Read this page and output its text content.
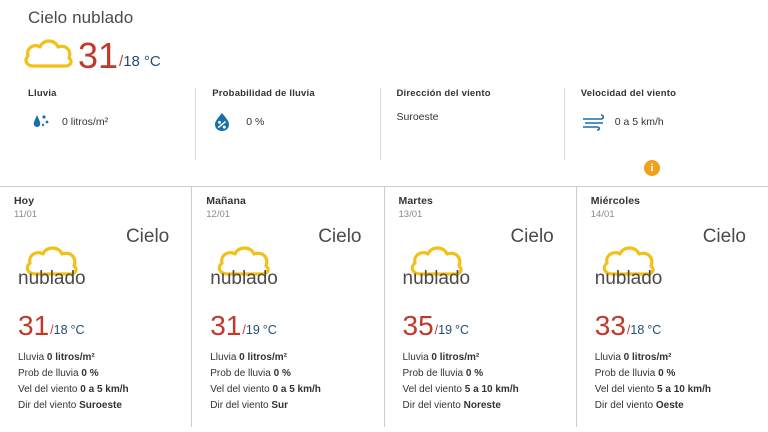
Cielo nublado
31 / 18 °C
Lluvia
0 litros/m²
Probabilidad de lluvia
0 %
Dirección del viento
Suroeste
Velocidad del viento
0 a 5 km/h
i
Hoy
11/01
Cielo
nublado
31 / 18 °C
Lluvia 0 litros/m²
Prob de lluvia 0 %
Vel del viento 0 a 5 km/h
Dir del viento Suroeste
Mañana
12/01
Cielo
nublado
31 / 19 °C
Lluvia 0 litros/m²
Prob de lluvia 0 %
Vel del viento 0 a 5 km/h
Dir del viento Sur
Martes
13/01
Cielo
nublado
35 / 19 °C
Lluvia 0 litros/m²
Prob de lluvia 0 %
Vel del viento 5 a 10 km/h
Dir del viento Noreste
Miércoles
14/01
Cielo
nublado
33 / 18 °C
Lluvia 0 litros/m²
Prob de lluvia 0 %
Vel del viento 5 a 10 km/h
Dir del viento Oeste
